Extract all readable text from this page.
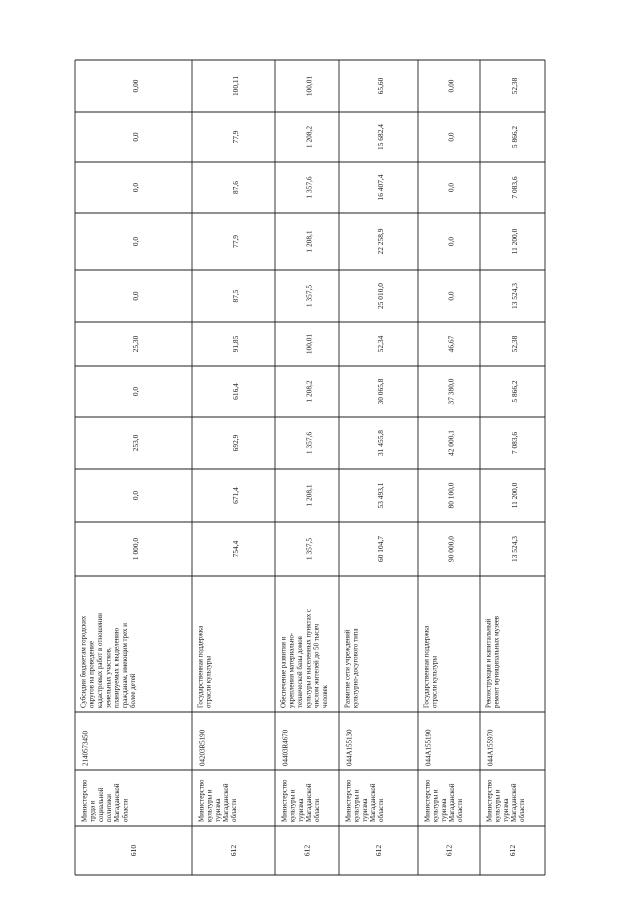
610
Министерство труда и социальной политики Магаданской области
2140573450
Субсидии бюджетам городских округов на проведение кадастровых работ в отношении земельных участков, планируемых к выделению гражданам, имеющим трех и более детей
1 000,0
0,0
253,0
0,0
25,30
0,0
0,0
0,0
0,0
0,00
612
Министерство культуры и туризма Магаданской области
04203R5190
Государственная поддержка отрасли культуры
754,4
671,4
692,9
616,4
91,85
87,5
77,9
87,6
77,9
100,11
612
Министерство культуры и туризма Магаданской области
04403R4670
Обеспечение развития и укрепления материально- технической базы домов культуры в населенных пунктах с числом жителей до 50 тысяч человек
1 357,5
1 208,1
1 357,6
1 208,2
100,01
1 357,5
1 208,1
1 357,6
1 208,2
100,01
612
Министерство культуры и туризма Магаданской области
044A155130
Развитие сети учреждений культурно-досугового типа
60 104,7
53 493,1
31 455,8
30 065,8
52,34
25 010,0
22 258,9
16 407,4
15 682,4
65,60
612
Министерство культуры и туризма Магаданской области
044A155190
Государственная поддержка отрасли культуры
90 000,0
80 100,0
42 000,1
37 380,0
46,67
0,0
0,0
0,0
0,0
0,00
612
Министерство культуры и туризма Магаданской области
044A155970
Реконструкция и капитальный ремонт муниципальных музеев
13 524,3
11 200,0
7 083,6
5 866,2
52,38
13 524,3
11 200,0
7 083,6
5 866,2
52,38
